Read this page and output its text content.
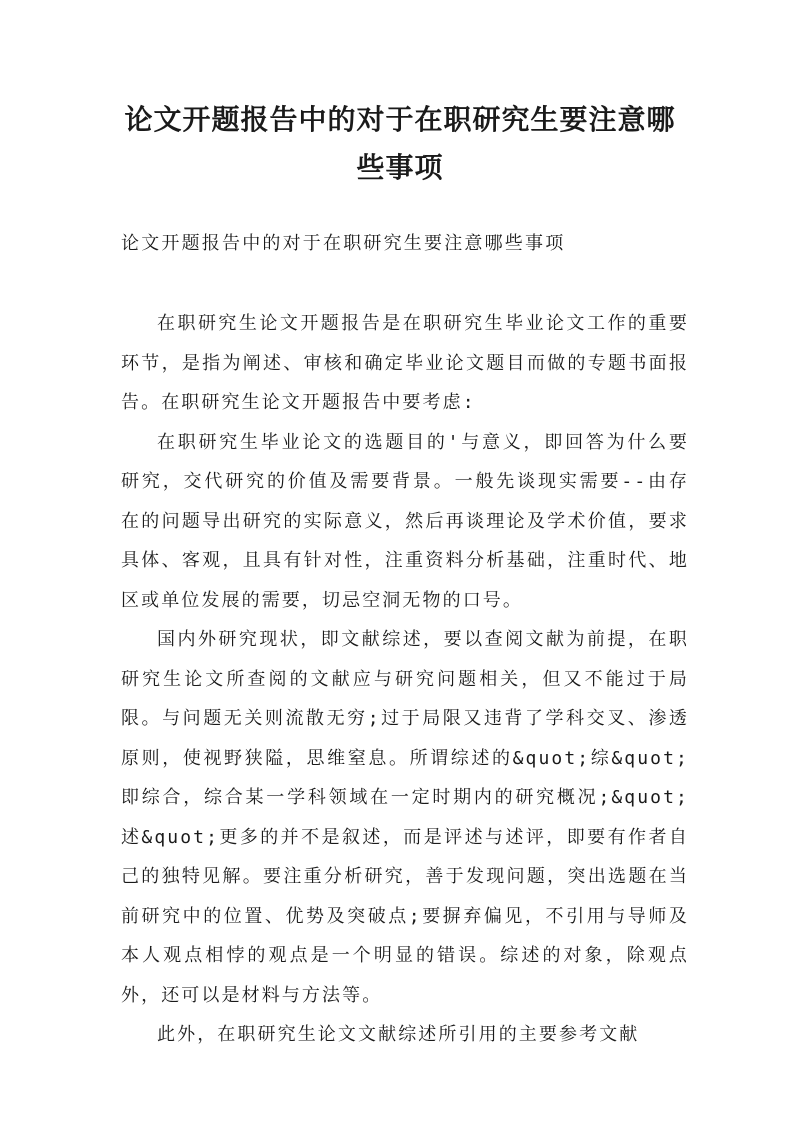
论文开题报告中的对于在职研究生要注意哪些事项
论文开题报告中的对于在职研究生要注意哪些事项

在职研究生论文开题报告是在职研究生毕业论文工作的重要环节，是指为阐述、审核和确定毕业论文题目而做的专题书面报告。在职研究生论文开题报告中要考虑:

在职研究生毕业论文的选题目的'与意义，即回答为什么要研究，交代研究的价值及需要背景。一般先谈现实需要--由存在的问题导出研究的实际意义，然后再谈理论及学术价值，要求具体、客观，且具有针对性，注重资料分析基础，注重时代、地区或单位发展的需要，切忌空洞无物的口号。

国内外研究现状，即文献综述，要以查阅文献为前提，在职研究生论文所查阅的文献应与研究问题相关，但又不能过于局限。与问题无关则流散无穷;过于局限又违背了学科交叉、渗透原则，使视野狭隘，思维窒息。所谓综述的&quot;综&quot;即综合，综合某一学科领域在一定时期内的研究概况;&quot;述&quot;更多的并不是叙述，而是评述与述评，即要有作者自己的独特见解。要注重分析研究，善于发现问题，突出选题在当前研究中的位置、优势及突破点;要摒弃偏见，不引用与导师及本人观点相悖的观点是一个明显的错误。综述的对象，除观点外，还可以是材料与方法等。

此外，在职研究生论文文献综述所引用的主要参考文献
